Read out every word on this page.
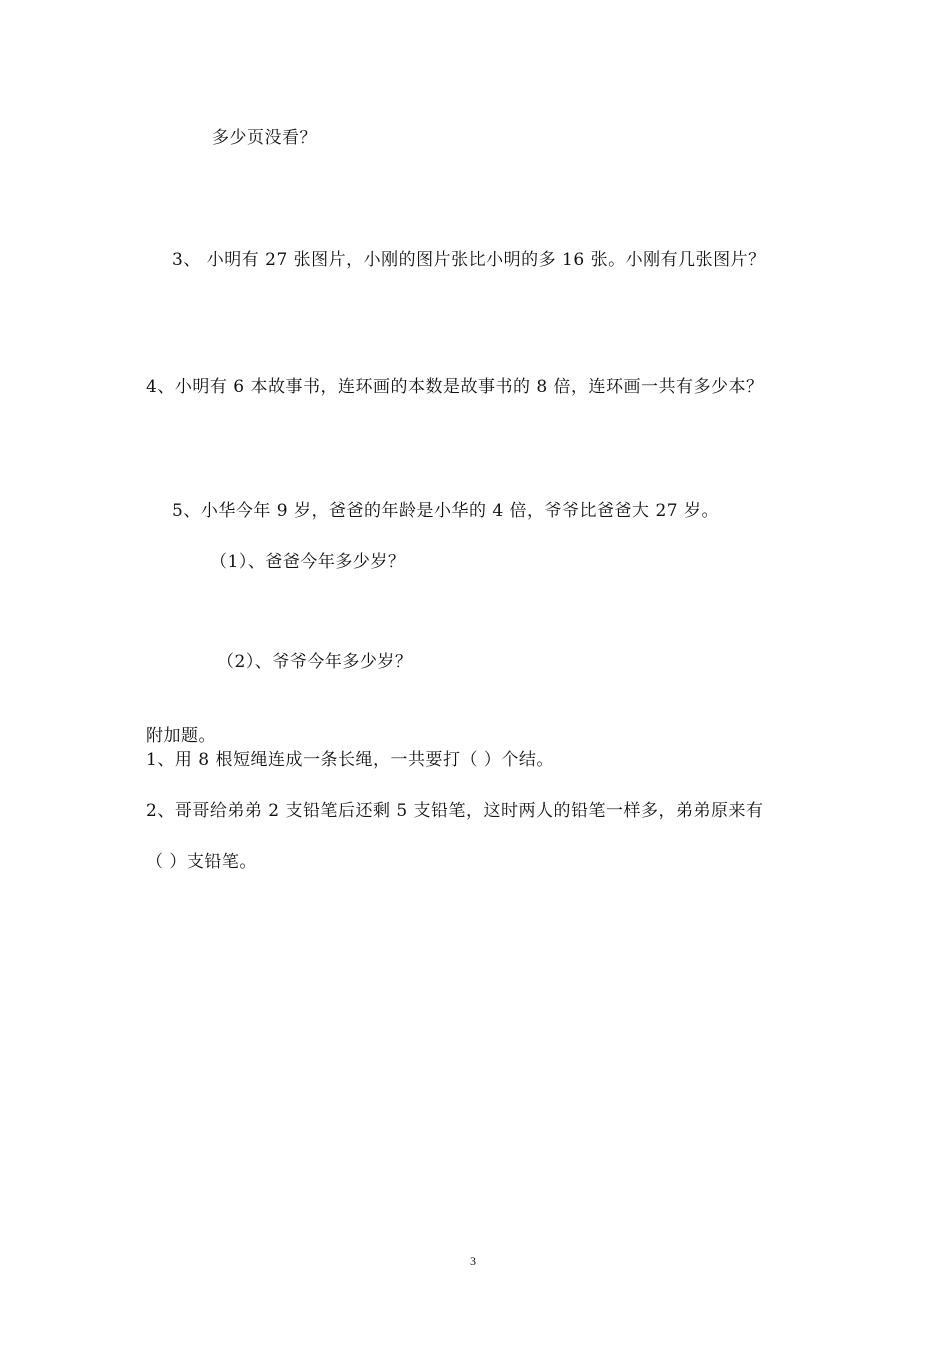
多少页没看？
3、 小明有 27 张图片，小刚的图片张比小明的多 16 张。小刚有几张图片？
4、小明有 6 本故事书，连环画的本数是故事书的 8 倍，连环画一共有多少本？
5、小华今年 9 岁，爸爸的年龄是小华的 4 倍，爷爷比爸爸大 27 岁。
（1）、爸爸今年多少岁？
（2）、爷爷今年多少岁？
附加题。
1、用 8 根短绳连成一条长绳，一共要打（ ）个结。
2、哥哥给弟弟 2 支铅笔后还剩 5 支铅笔，这时两人的铅笔一样多，弟弟原来有
（ ）支铅笔。
3
